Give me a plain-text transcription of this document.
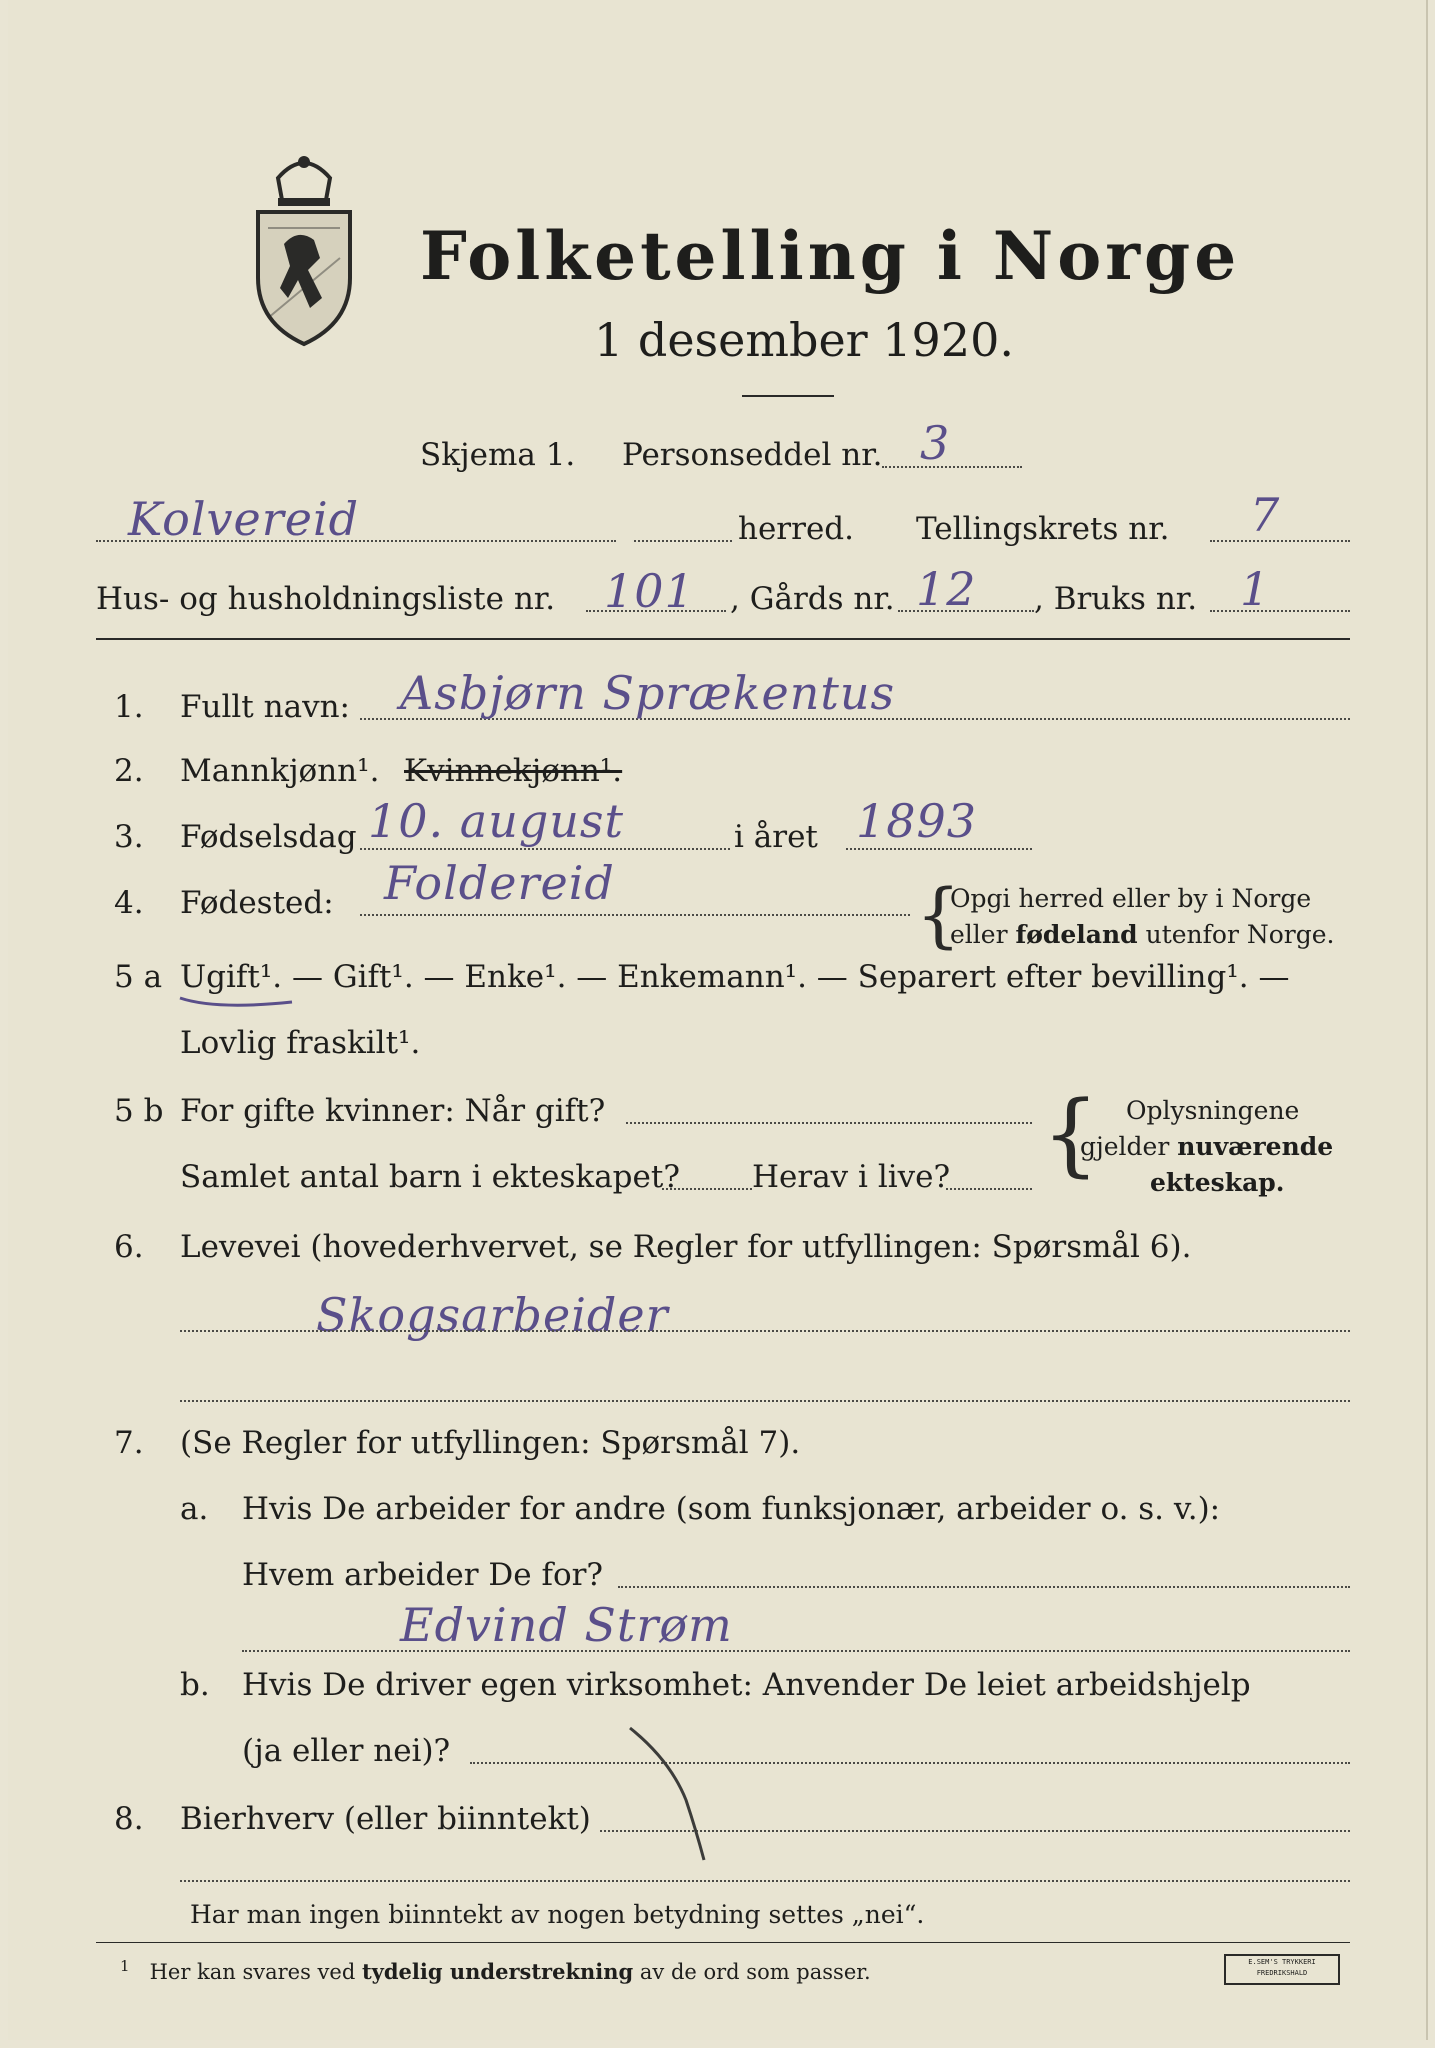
Folketelling i Norge
1 desember 1920.
Skjema 1. Personseddel nr. 3
Kolvereid	herred. Tellingskrets nr. 7
Hus- og husholdningsliste nr. 101 , Gårds nr. 12 , Bruks nr. 1
1. Fullt navn: Asbjørn Sprækentus
2. Mannkjønn¹. Kvinnekjønn¹.
3. Fødselsdag 10. august	i året 1893
4. Fødested: Foldereid	{
Opgi herred eller by i Norge
eller fødeland utenfor Norge.
5 a Ugift¹. — Gift¹. — Enke¹. — Enkemann¹. — Separert efter bevilling¹. —
Lovlig fraskilt¹.
5 b For gifte kvinner: Når gift?
Samlet antal barn i ekteskapet? Herav i live? { Oplysningene
gjelder nuværende
ekteskap.
6. Levevei (hovederhvervet, se Regler for utfyllingen: Spørsmål 6).
Skogsarbeider
7. (Se Regler for utfyllingen: Spørsmål 7).
a. Hvis De arbeider for andre (som funksjonær, arbeider o. s. v.):
Hvem arbeider De for?
Edvind Strøm
b. Hvis De driver egen virksomhet: Anvender De leiet arbeidshjelp
(ja eller nei)?
8. Bierhverv (eller biinntekt)
Har man ingen biinntekt av nogen betydning settes „nei“.
$^1$ Her kan svares ved tydelig understrekning av de ord som passer.	E.SEM'S TRYKKERI
FREDRIKSHALD
